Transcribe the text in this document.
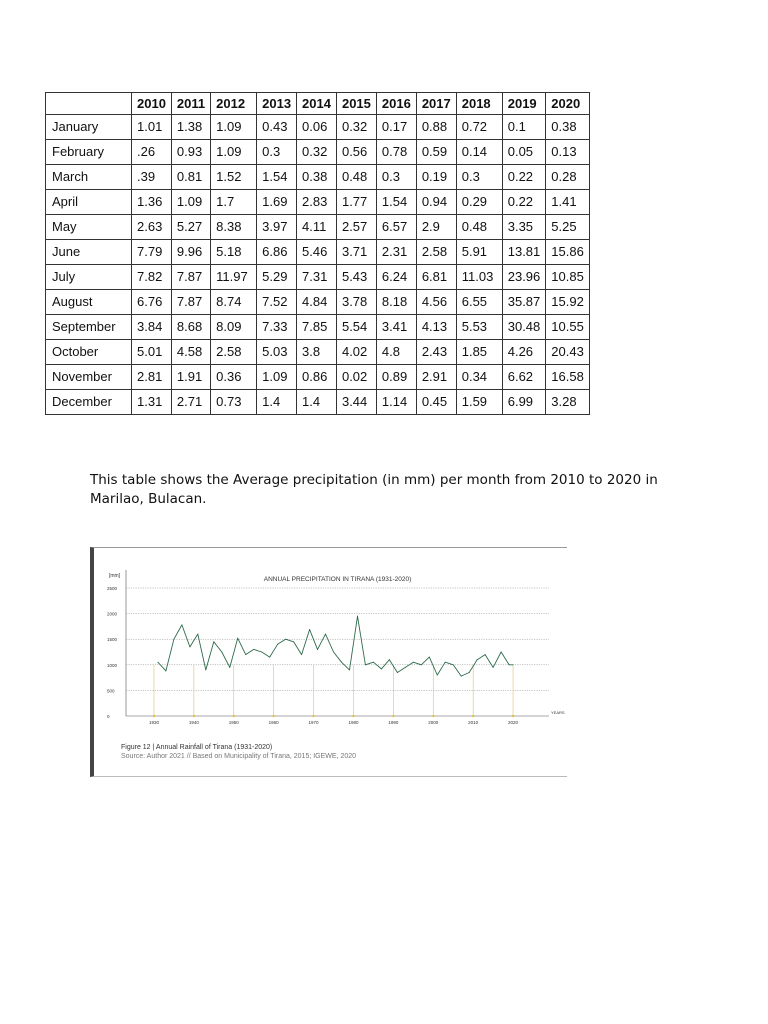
	2010	2011	2012	2013	2014	2015	2016	2017	2018	2019	2020
January	1.01	1.38	1.09	0.43	0.06	0.32	0.17	0.88	0.72	0.1	0.38
February	.26	0.93	1.09	0.3	0.32	0.56	0.78	0.59	0.14	0.05	0.13
March	.39	0.81	1.52	1.54	0.38	0.48	0.3	0.19	0.3	0.22	0.28
April	1.36	1.09	1.7	1.69	2.83	1.77	1.54	0.94	0.29	0.22	1.41
May	2.63	5.27	8.38	3.97	4.11	2.57	6.57	2.9	0.48	3.35	5.25
June	7.79	9.96	5.18	6.86	5.46	3.71	2.31	2.58	5.91	13.81	15.86
July	7.82	7.87	11.97	5.29	7.31	5.43	6.24	6.81	11.03	23.96	10.85
August	6.76	7.87	8.74	7.52	4.84	3.78	8.18	4.56	6.55	35.87	15.92
September	3.84	8.68	8.09	7.33	7.85	5.54	3.41	4.13	5.53	30.48	10.55
October	5.01	4.58	2.58	5.03	3.8	4.02	4.8	2.43	1.85	4.26	20.43
November	2.81	1.91	0.36	1.09	0.86	0.02	0.89	2.91	0.34	6.62	16.58
December	1.31	2.71	0.73	1.4	1.4	3.44	1.14	0.45	1.59	6.99	3.28

This table shows the Average precipitation (in mm) per month from 2010 to 2020 in Marilao, Bulacan.

ANNUAL PRECIPITATION IN TIRANA (1931-2020)
[mm]
0
500
1000
1500
2000
2500
1930	1940	1950	1960	1970	1980	1990	2000	2010	2020
YEARS
Figure 12 | Annual Rainfall of Tirana (1931-2020)
Source: Author 2021 // Based on Municipality of Tirana, 2015; IGEWE, 2020
